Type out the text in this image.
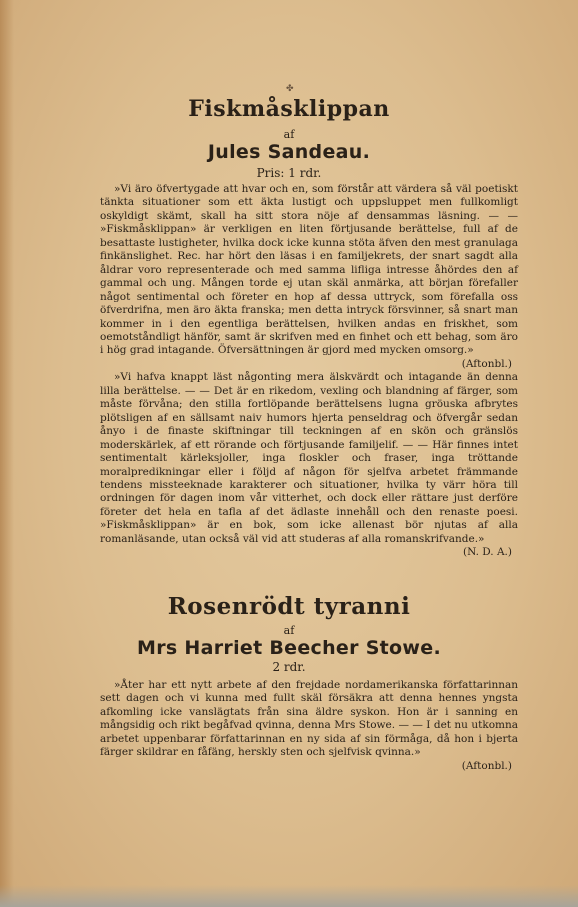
✤
Fiskmåsklippan
af
Jules Sandeau.
Pris: 1 rdr.

»Vi äro öfvertygade att hvar och en, som förstår att värdera så väl poetiskt tänkta situationer som ett äkta lustigt och uppsluppet men fullkomligt oskyldigt skämt, skall ha sitt stora nöje af densammas läsning. — — »Fiskmåsklippan» är verkligen en liten förtjusande berättelse, full af de besattaste lustigheter, hvilka dock icke kunna stöta äfven den mest granulaga finkänslighet. Rec. har hört den läsas i en familjekrets, der snart sagdt alla åldrar voro representerade och med samma lifliga intresse åhördes den af gammal och ung. Mången torde ej utan skäl anmärka, att början förefaller något sentimental och företer en hop af dessa uttryck, som förefalla oss öfverdrifna, men äro äkta franska; men detta intryck försvinner, så snart man kommer in i den egentliga berättelsen, hvilken andas en friskhet, som oemotståndligt hänför, samt är skrifven med en finhet och ett behag, som äro i hög grad intagande. Öfversättningen är gjord med mycken omsorg.»

(Aftonbl.)

»Vi hafva knappt läst någonting mera älskvärdt och intagande än denna lilla berättelse. — — Det är en rikedom, vexling och blandning af färger, som måste förvåna; den stilla fortlöpande berättelsens lugna gröuska afbrytes plötsligen af en sällsamt naiv humors hjerta penseldrag och öfvergår sedan ånyo i de finaste skiftningar till teckningen af en skön och gränslös moderskärlek, af ett rörande och förtjusande familjelif. — — Här finnes intet sentimentalt kärleksjoller, inga floskler och fraser, inga tröttande moralpredikningar eller i följd af någon för sjelfva arbetet främmande tendens missteeknade karakterer och situationer, hvilka ty värr höra till ordningen för dagen inom vår vitterhet, och dock eller rättare just derföre företer det hela en tafla af det ädlaste innehåll och den renaste poesi. »Fiskmåsklippan» är en bok, som icke allenast bör njutas af alla romanläsande, utan också väl vid att studeras af alla romanskrifvande.»

(N. D. A.)
Rosenrödt tyranni
af
Mrs Harriet Beecher Stowe.
2 rdr.

»Åter har ett nytt arbete af den frejdade nordamerikanska författarinnan sett dagen och vi kunna med fullt skäl försäkra att denna hennes yngsta afkomling icke vanslägtats från sina äldre syskon. Hon är i sanning en mångsidig och rikt begåfvad qvinna, denna Mrs Stowe. — — I det nu utkomna arbetet uppenbarar författarinnan en ny sida af sin förmåga, då hon i bjerta färger skildrar en fåfäng, herskly sten och sjelfvisk qvinna.»

(Aftonbl.)
